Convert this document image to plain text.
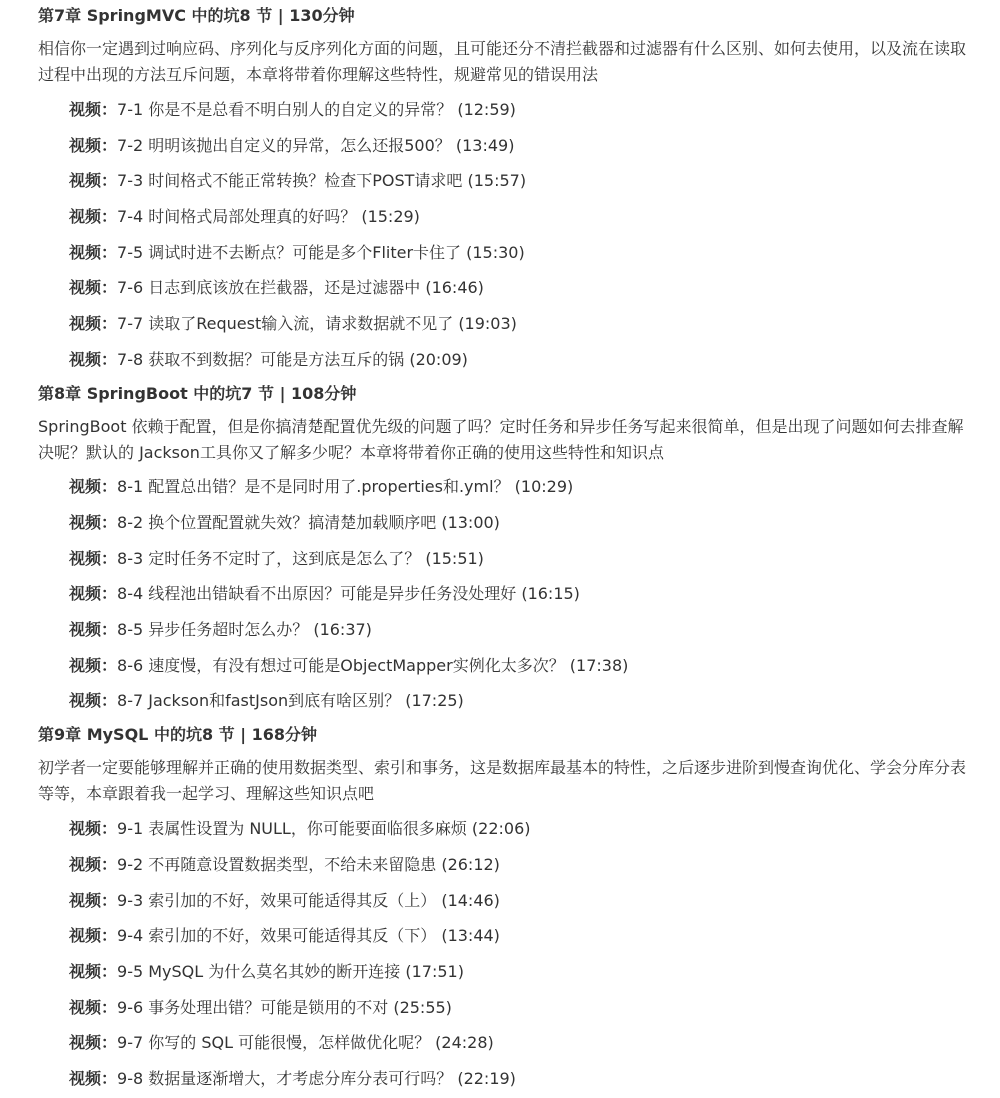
第7章 SpringMVC 中的坑8 节 | 130分钟

相信你一定遇到过响应码、序列化与反序列化方面的问题，且可能还分不清拦截器和过滤器有什么区别、如何去使用，以及流在读取过程中出现的方法互斥问题，本章将带着你理解这些特性，规避常见的错误用法

视频： 7-1 你是不是总看不明白别人的自定义的异常？ (12:59)
视频： 7-2 明明该抛出自定义的异常，怎么还报500？ (13:49)
视频： 7-3 时间格式不能正常转换？检查下POST请求吧 (15:57)
视频： 7-4 时间格式局部处理真的好吗？ (15:29)
视频： 7-5 调试时进不去断点？可能是多个Fliter卡住了 (15:30)
视频： 7-6 日志到底该放在拦截器，还是过滤器中 (16:46)
视频： 7-7 读取了Request输入流，请求数据就不见了 (19:03)
视频： 7-8 获取不到数据？可能是方法互斥的锅 (20:09)
第8章 SpringBoot 中的坑7 节 | 108分钟

SpringBoot 依赖于配置，但是你搞清楚配置优先级的问题了吗？定时任务和异步任务写起来很简单，但是出现了问题如何去排查解决呢？默认的 Jackson工具你又了解多少呢？本章将带着你正确的使用这些特性和知识点

视频： 8-1 配置总出错？是不是同时用了.properties和.yml？ (10:29)
视频： 8-2 换个位置配置就失效？搞清楚加载顺序吧 (13:00)
视频： 8-3 定时任务不定时了，这到底是怎么了？ (15:51)
视频： 8-4 线程池出错缺看不出原因？可能是异步任务没处理好 (16:15)
视频： 8-5 异步任务超时怎么办？ (16:37)
视频： 8-6 速度慢，有没有想过可能是ObjectMapper实例化太多次？ (17:38)
视频： 8-7 Jackson和fastJson到底有啥区别？ (17:25)
第9章 MySQL 中的坑8 节 | 168分钟

初学者一定要能够理解并正确的使用数据类型、索引和事务，这是数据库最基本的特性，之后逐步进阶到慢查询优化、学会分库分表等等，本章跟着我一起学习、理解这些知识点吧

视频： 9-1 表属性设置为 NULL，你可能要面临很多麻烦 (22:06)
视频： 9-2 不再随意设置数据类型，不给未来留隐患 (26:12)
视频： 9-3 索引加的不好，效果可能适得其反（上） (14:46)
视频： 9-4 索引加的不好，效果可能适得其反（下） (13:44)
视频： 9-5 MySQL 为什么莫名其妙的断开连接 (17:51)
视频： 9-6 事务处理出错？可能是锁用的不对 (25:55)
视频： 9-7 你写的 SQL 可能很慢，怎样做优化呢？ (24:28)
视频： 9-8 数据量逐渐增大，才考虑分库分表可行吗？ (22:19)
